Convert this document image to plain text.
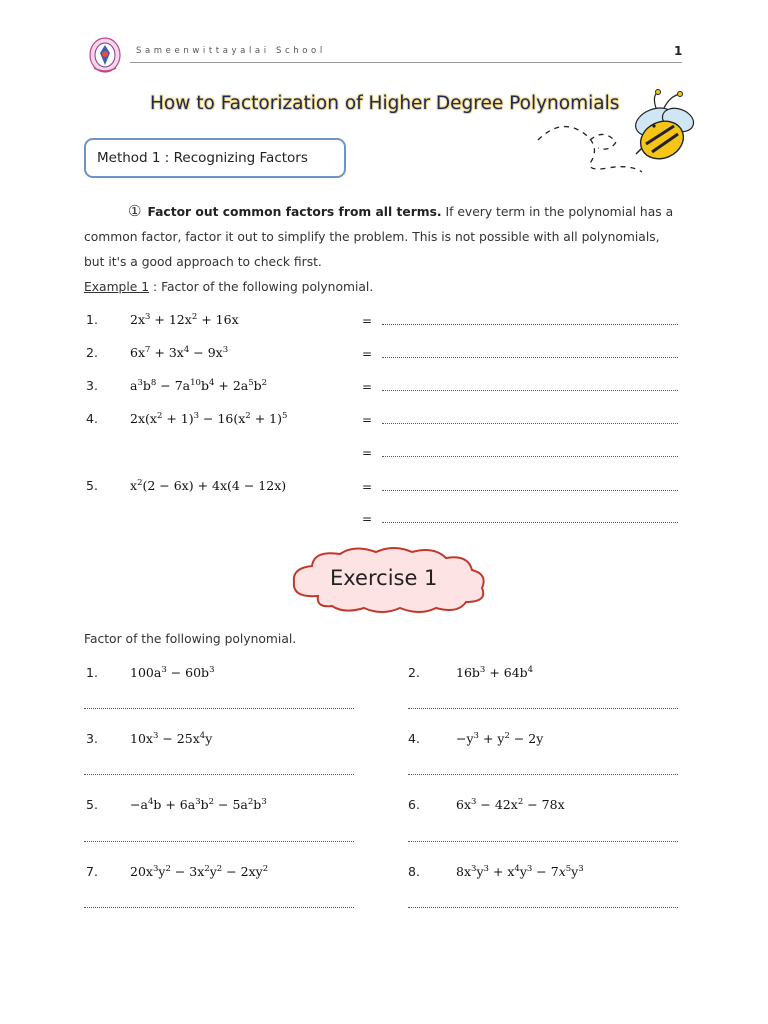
Sameenwittayalai School	1
How to Factorization of Higher Degree Polynomials
Method 1 : Recognizing Factors
① Factor out common factors from all terms. If every term in the polynomial has a
common factor, factor it out to simplify the problem. This is not possible with all polynomials,
but it's a good approach to check first.
Example 1 : Factor of the following polynomial.
1.	$2x^3 + 12x^2 + 16x$	=
2.	$6x^7 + 3x^4 - 9x^3$	=
3.	$a^3b^8 - 7a^{10}b^4 + 2a^5b^2$	=
4.	$2x(x^2 + 1)^3 - 16(x^2 + 1)^5$	=
=
5.	$x^2(2 - 6x) + 4x(4 - 12x)$	=
=
Exercise 1
Factor of the following polynomial.
1.	$100a^3 - 60b^3$	2.	$16b^3 + 64b^4$
3.	$10x^3 - 25x^4y$	4.	$-y^3 + y^2 - 2y$
5.	$-a^4b + 6a^3b^2 - 5a^2b^3$	6.	$6x^3 - 42x^2 - 78x$
7.	$20x^3y^2 - 3x^2y^2 - 2xy^2$	8.	$8x^3y^3 + x^4y^3 - 7x^5y^3$
